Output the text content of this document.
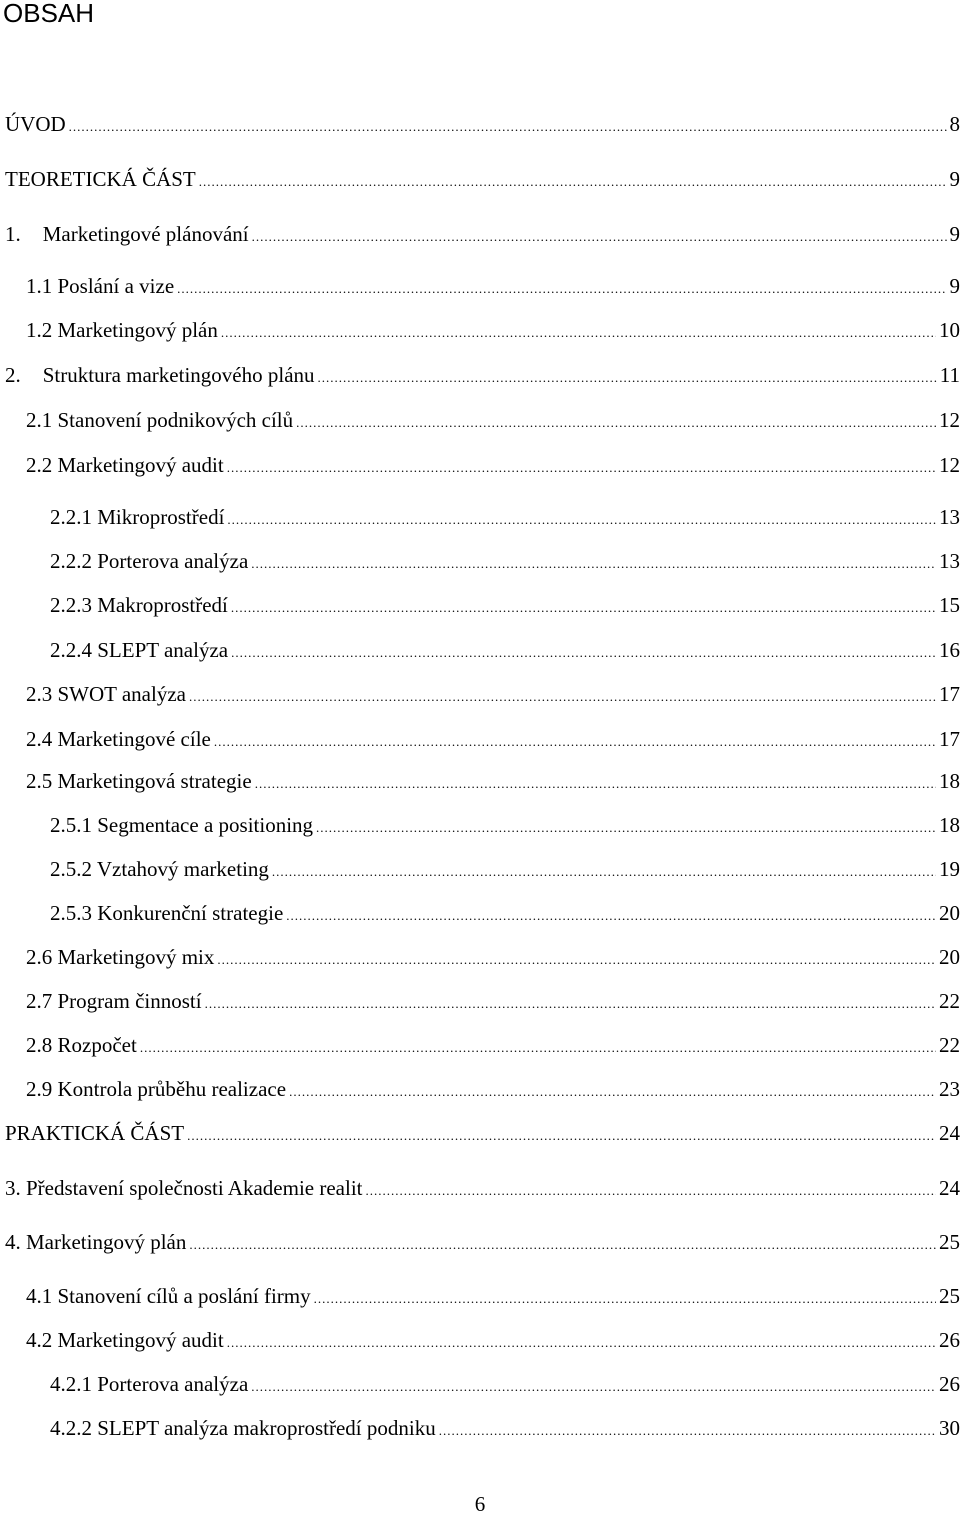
OBSAH
ÚVOD .....	8
TEORETICKÁ ČÁST .....	9
1. Marketingové plánování .....	9
1.1 Poslání a vize .....	9
1.2 Marketingový plán .....	10
2. Struktura marketingového plánu .....	11
2.1 Stanovení podnikových cílů .....	12
2.2 Marketingový audit .....	12
2.2.1 Mikroprostředí .....	13
2.2.2 Porterova analýza .....	13
2.2.3 Makroprostředí .....	15
2.2.4 SLEPT analýza .....	16
2.3 SWOT analýza .....	17
2.4 Marketingové cíle .....	17
2.5 Marketingová strategie .....	18
2.5.1 Segmentace a positioning .....	18
2.5.2 Vztahový marketing .....	19
2.5.3 Konkurenční strategie .....	20
2.6 Marketingový mix .....	20
2.7 Program činností .....	22
2.8 Rozpočet .....	22
2.9 Kontrola průběhu realizace .....	23
PRAKTICKÁ ČÁST .....	24
3. Představení společnosti Akademie realit .....	24
4. Marketingový plán .....	25
4.1 Stanovení cílů a poslání firmy .....	25
4.2 Marketingový audit .....	26
4.2.1 Porterova analýza .....	26
4.2.2 SLEPT analýza makroprostředí podniku .....	30
6
